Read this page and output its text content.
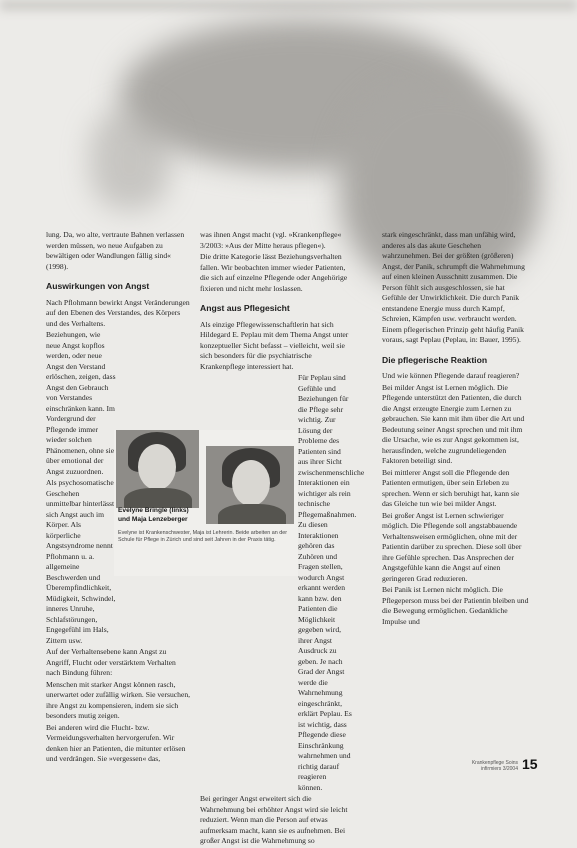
lung. Da, wo alte, vertraute Bahnen verlassen werden müssen, wo neue Aufgaben zu bewältigen oder Wandlungen fällig sind« (1998).

Auswirkungen von Angst

Nach Pflohmann bewirkt Angst Veränderungen auf den Ebenen des Verstandes, des Körpers und des Verhaltens.

Beziehungen, wie neue Angst kopflos werden, oder neue Angst den Verstand erlöschen, zeigen, dass Angst den Gebrauch von Verstandes einschränken kann. Im Vordergrund der Pflegende immer wieder solchen Phänomenen, ohne sie über emotional der Angst zuzuordnen.

Als psychosomatische Geschehen unmittelbar hinterlässt sich Angst auch im Körper. Als körperliche Angstsyndrome nennt Pflohmann u. a. allgemeine Beschwerden und Überempfindlichkeit, Müdigkeit, Schwindel, inneres Unruhe, Schlafstörungen, Engegefühl im Hals, Zittern usw.

Auf der Verhaltensebene kann Angst zu Angriff, Flucht oder verstärktem Verhalten nach Bindung führen:

Menschen mit starker Angst können rasch, unerwartet oder zufällig wirken. Sie versuchen, ihre Angst zu kompensieren, indem sie sich besonders mutig zeigen.

Bei anderen wird die Flucht- bzw. Vermeidungsverhalten hervorgerufen. Wir denken hier an Patienten, die mitunter erlösen und verdrängen. Sie »vergessen« das,

was ihnen Angst macht (vgl. »Krankenpflege« 3/2003: »Aus der Mitte heraus pflegen«).

Die dritte Kategorie lässt Beziehungsverhalten fallen. Wir beobachten immer wieder Patienten, die sich auf einzelne Pflegende oder Angehörige fixieren und nicht mehr loslassen.

Angst aus Pflegesicht

Als einzige Pflegewissenschaftlerin hat sich Hildegard E. Peplau mit dem Thema Angst unter konzeptueller Sicht befasst – vielleicht, weil sie sich besonders für die psychiatrische Krankenpflege interessiert hat.

Für Peplau sind Gefühle und Beziehungen für die Pflege sehr wichtig. Zur Lösung der Probleme des Patienten sind aus ihrer Sicht zwischenmenschliche Interaktionen ein wichtiger als rein technische Pflegemaßnahmen. Zu diesen Interaktionen gehören das Zuhören und Fragen stellen, wodurch Angst erkannt werden kann bzw. den Patienten die Möglichkeit gegeben wird, ihrer Angst Ausdruck zu geben. Je nach Grad der Angst werde die Wahrnehmung eingeschränkt, erklärt Peplau. Es ist wichtig, dass Pflegende diese Einschränkung wahrnehmen und richtig darauf reagieren können.

Bei geringer Angst erweitert sich die Wahrnehmung bei erhöhter Angst wird sie leicht reduziert. Wenn man die Person auf etwas aufmerksam macht, kann sie es aufnehmen. Bei großer Angst ist die Wahrnehmung so

stark eingeschränkt, dass man unfähig wird, anderes als das akute Geschehen wahrzunehmen. Bei der größten (größeren) Angst, der Panik, schrumpft die Wahrnehmung auf einen kleinen Ausschnitt zusammen. Die Person fühlt sich ausgeschlossen, sie hat Gefühle der Unwirklichkeit. Die durch Panik entstandene Energie muss durch Kampf, Schreien, Kämpfen usw. verbraucht werden. Einem pflegerischen Prinzip geht häufig Panik voraus, sagt Peplau (Peplau, in: Bauer, 1995).

Die pflegerische Reaktion

Und wie können Pflegende darauf reagieren?

Bei milder Angst ist Lernen möglich. Die Pflegende unterstützt den Patienten, die durch die Angst erzeugte Energie zum Lernen zu gebrauchen. Sie kann mit ihm über die Art und Bedeutung seiner Angst sprechen und mit ihm die Ursache, wie es zur Angst gekommen ist, herausfinden, welche zugrundeliegenden Faktoren beteiligt sind.

Bei mittlerer Angst soll die Pflegende den Patienten ermutigen, über sein Erleben zu sprechen. Wenn er sich beruhigt hat, kann sie das Gleiche tun wie bei milder Angst.

Bei großer Angst ist Lernen schwieriger möglich. Die Pflegende soll angstabbauende Verhaltensweisen ermöglichen, ohne mit der Patientin darüber zu sprechen. Diese soll über ihre Gefühle sprechen. Das Ansprechen der Angstgefühle kann die Angst auf einen geringeren Grad reduzieren.

Bei Panik ist Lernen nicht möglich. Die Pflegeperson muss bei der Patientin bleiben und die Bewegung ermöglichen. Gedankliche Impulse und

Evelyne Bringle (links)
und Maja Lenzeberger
Evelyne ist Krankenschwester, Maja ist Lehrerin. Beide arbeiten an der Schule für Pflege in Zürich und sind seit Jahren in der Praxis tätig.
Krankenpflege Soins infirmiers 3/2004 15
